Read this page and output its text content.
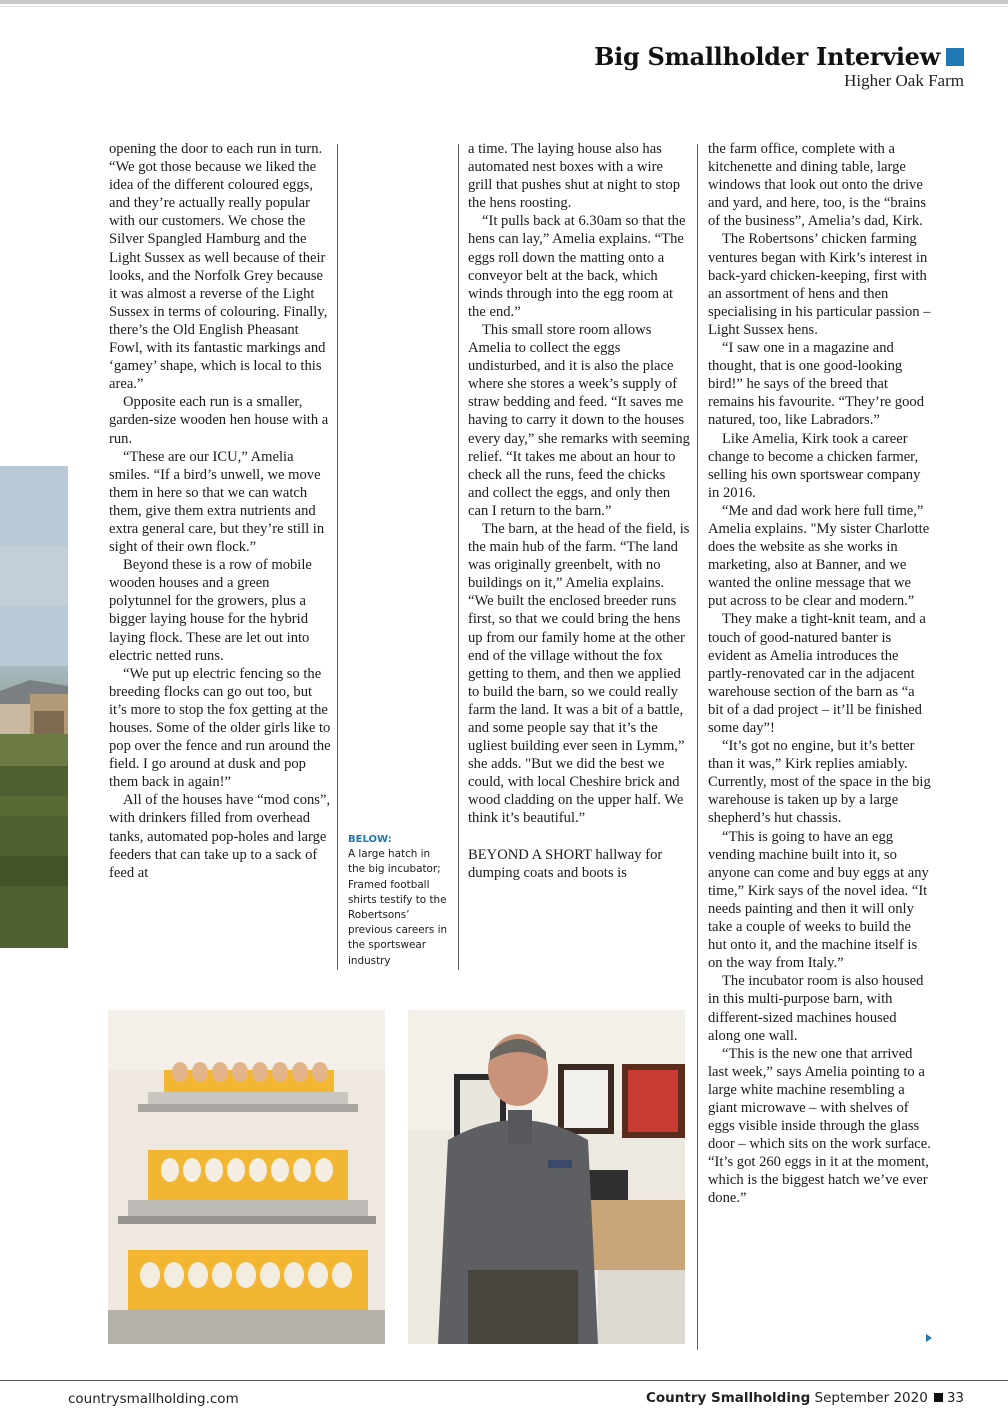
Big Smallholder Interview
Higher Oak Farm

opening the door to each run in turn. “We got those because we liked the idea of the different coloured eggs, and they’re actually really popular with our customers. We chose the Silver Spangled Hamburg and the Light Sussex as well because of their looks, and the Norfolk Grey because it was almost a reverse of the Light Sussex in terms of colouring. Finally, there’s the Old English Pheasant Fowl, with its fantastic markings and ‘gamey’ shape, which is local to this area.”

Opposite each run is a smaller, garden-size wooden hen house with a run.

“These are our ICU,” Amelia smiles. “If a bird’s unwell, we move them in here so that we can watch them, give them extra nutrients and extra general care, but they’re still in sight of their own flock.”

Beyond these is a row of mobile wooden houses and a green polytunnel for the growers, plus a bigger laying house for the hybrid laying flock. These are let out into electric netted runs.

“We put up electric fencing so the breeding flocks can go out too, but it’s more to stop the fox getting at the houses. Some of the older girls like to pop over the fence and run around the field. I go around at dusk and pop them back in again!”

All of the houses have “mod cons”, with drinkers filled from overhead tanks, automated pop-holes and large feeders that can take up to a sack of feed at

BELOW:
A large hatch in the big incubator; Framed football shirts testify to the Robertsons’ previous careers in the sportswear industry

a time. The laying house also has automated nest boxes with a wire grill that pushes shut at night to stop the hens roosting.

“It pulls back at 6.30am so that the hens can lay,” Amelia explains. “The eggs roll down the matting onto a conveyor belt at the back, which winds through into the egg room at the end.”

This small store room allows Amelia to collect the eggs undisturbed, and it is also the place where she stores a week’s supply of straw bedding and feed. “It saves me having to carry it down to the houses every day,” she remarks with seeming relief. “It takes me about an hour to check all the runs, feed the chicks and collect the eggs, and only then can I return to the barn.”

The barn, at the head of the field, is the main hub of the farm. “The land was originally greenbelt, with no buildings on it,” Amelia explains. “We built the enclosed breeder runs first, so that we could bring the hens up from our family home at the other end of the village without the fox getting to them, and then we applied to build the barn, so we could really farm the land. It was a bit of a battle, and some people say that it’s the ugliest building ever seen in Lymm,” she adds. "But we did the best we could, with local Cheshire brick and wood cladding on the upper half. We think it’s beautiful.”

BEYOND A SHORT hallway for dumping coats and boots is

the farm office, complete with a kitchenette and dining table, large windows that look out onto the drive and yard, and here, too, is the “brains of the business”, Amelia’s dad, Kirk.

The Robertsons’ chicken farming ventures began with Kirk’s interest in back-yard chicken-keeping, first with an assortment of hens and then specialising in his particular passion – Light Sussex hens.

“I saw one in a magazine and thought, that is one good-looking bird!” he says of the breed that remains his favourite. “They’re good natured, too, like Labradors.”

Like Amelia, Kirk took a career change to become a chicken farmer, selling his own sportswear company in 2016.

“Me and dad work here full time,” Amelia explains. "My sister Charlotte does the website as she works in marketing, also at Banner, and we wanted the online message that we put across to be clear and modern.”

They make a tight-knit team, and a touch of good-natured banter is evident as Amelia introduces the partly-renovated car in the adjacent warehouse section of the barn as “a bit of a dad project – it’ll be finished some day”!

“It’s got no engine, but it’s better than it was,” Kirk replies amiably. Currently, most of the space in the big warehouse is taken up by a large shepherd’s hut chassis.

“This is going to have an egg vending machine built into it, so anyone can come and buy eggs at any time,” Kirk says of the novel idea. “It needs painting and then it will only take a couple of weeks to build the hut onto it, and the machine itself is on the way from Italy.”

The incubator room is also housed in this multi-purpose barn, with different-sized machines housed along one wall.

“This is the new one that arrived last week,” says Amelia pointing to a large white machine resembling a giant microwave – with shelves of eggs visible inside through the glass door – which sits on the work surface. “It’s got 260 eggs in it at the moment, which is the biggest hatch we’ve ever done.”

countrysmallholding.com	Country Smallholding September 2020 33
